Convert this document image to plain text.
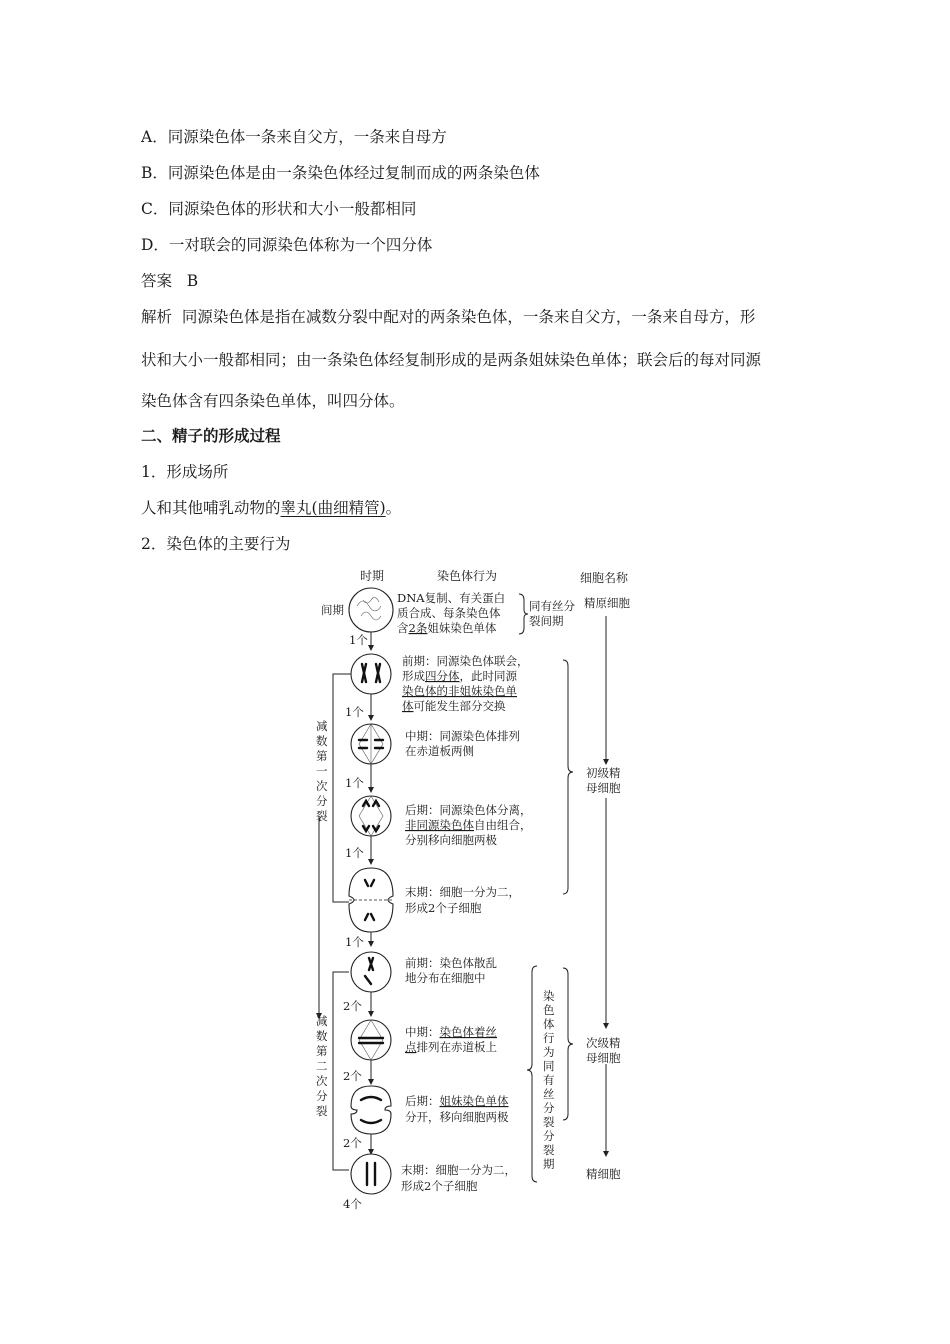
A．同源染色体一条来自父方，一条来自母方
B．同源染色体是由一条染色体经过复制而成的两条染色体
C．同源染色体的形状和大小一般都相同
D．一对联会的同源染色体称为一个四分体
答案 B
解析 同源染色体是指在减数分裂中配对的两条染色体，一条来自父方，一条来自母方，形
状和大小一般都相同；由一条染色体经复制形成的是两条姐妹染色单体；联会后的每对同源
染色体含有四条染色单体，叫四分体。
二、精子的形成过程
1．形成场所
人和其他哺乳动物的睾丸(曲细精管)。
2．染色体的主要行为
时期	染色体行为	细胞名称
间期
DNA复制、有关蛋白
质合成、每条染色体
含2条姐妹染色单体
同有丝分
裂间期
精原细胞
1个
减数第一次分裂
前期：同源染色体联会，
形成四分体，此时同源
染色体的非姐妹染色单
体可能发生部分交换
1个
中期：同源染色体排列
在赤道板两侧
1个
后期：同源染色体分离，
非同源染色体自由组合，
分别移向细胞两极
1个
末期：细胞一分为二，
形成2个子细胞
1个
初级精
母细胞
减数第二次分裂
前期：染色体散乱
地分布在细胞中
2个
中期：染色体着丝
点排列在赤道板上
2个
后期：姐妹染色单体
分开，移向细胞两极
2个
末期：细胞一分为二，
形成2个子细胞
4个
染色体行为同有丝分裂分裂期
次级精
母细胞
精细胞
